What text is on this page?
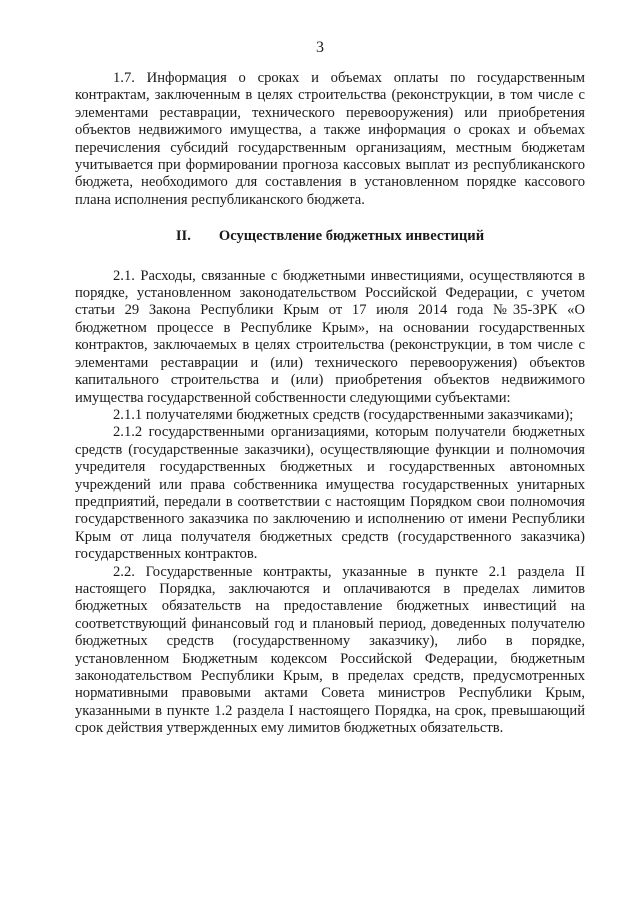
3

1.7. Информация о сроках и объемах оплаты по государственным контрактам, заключенным в целях строительства (реконструкции, в том числе с элементами реставрации, технического перевооружения) или приобретения объектов недвижимого имущества, а также информация о сроках и объемах перечисления субсидий государственным организациям, местным бюджетам учитывается при формировании прогноза кассовых выплат из республиканского бюджета, необходимого для составления в установленном порядке кассового плана исполнения республиканского бюджета.

II. Осуществление бюджетных инвестиций

2.1. Расходы, связанные с бюджетными инвестициями, осуществляются в порядке, установленном законодательством Российской Федерации, с учетом статьи 29 Закона Республики Крым от 17 июля 2014 года №35-ЗРК «О бюджетном процессе в Республике Крым», на основании государственных контрактов, заключаемых в целях строительства (реконструкции, в том числе с элементами реставрации и (или) технического перевооружения) объектов капитального строительства и (или) приобретения объектов недвижимого имущества государственной собственности следующими субъектами:

2.1.1 получателями бюджетных средств (государственными заказчиками);

2.1.2 государственными организациями, которым получатели бюджетных средств (государственные заказчики), осуществляющие функции и полномочия учредителя государственных бюджетных и государственных автономных учреждений или права собственника имущества государственных унитарных предприятий, передали в соответствии с настоящим Порядком свои полномочия государственного заказчика по заключению и исполнению от имени Республики Крым от лица получателя бюджетных средств (государственного заказчика) государственных контрактов.

2.2. Государственные контракты, указанные в пункте 2.1 раздела II настоящего Порядка, заключаются и оплачиваются в пределах лимитов бюджетных обязательств на предоставление бюджетных инвестиций на соответствующий финансовый год и плановый период, доведенных получателю бюджетных средств (государственному заказчику), либо в порядке, установленном Бюджетным кодексом Российской Федерации, бюджетным законодательством Республики Крым, в пределах средств, предусмотренных нормативными правовыми актами Совета министров Республики Крым, указанными в пункте 1.2 раздела I настоящего Порядка, на срок, превышающий срок действия утвержденных ему лимитов бюджетных обязательств.
